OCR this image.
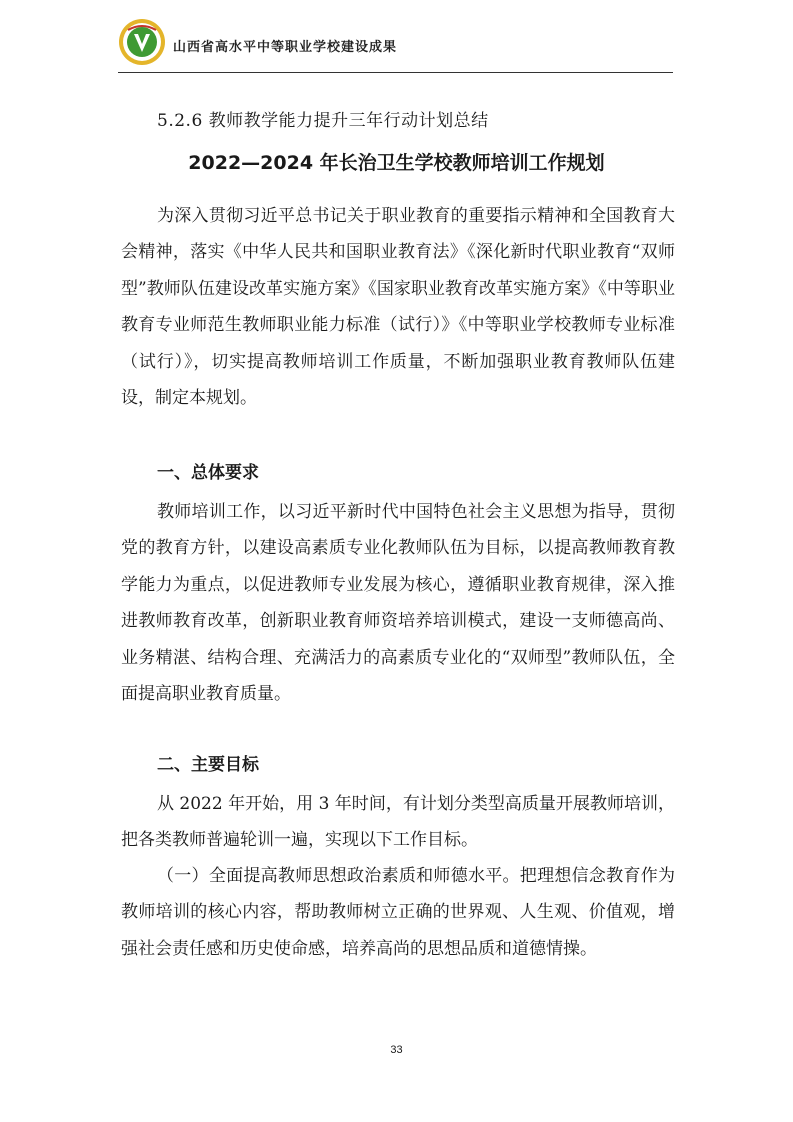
山西省高水平中等职业学校建设成果
5.2.6 教师教学能力提升三年行动计划总结
2022—2024 年长治卫生学校教师培训工作规划

为深入贯彻习近平总书记关于职业教育的重要指示精神和全国教育大会精神，落实《中华人民共和国职业教育法》《深化新时代职业教育“双师型”教师队伍建设改革实施方案》《国家职业教育改革实施方案》《中等职业教育专业师范生教师职业能力标准（试行）》《中等职业学校教师专业标准（试行）》，切实提高教师培训工作质量，不断加强职业教育教师队伍建设，制定本规划。

一、总体要求

教师培训工作，以习近平新时代中国特色社会主义思想为指导，贯彻党的教育方针，以建设高素质专业化教师队伍为目标，以提高教师教育教学能力为重点，以促进教师专业发展为核心，遵循职业教育规律，深入推进教师教育改革，创新职业教育师资培养培训模式，建设一支师德高尚、业务精湛、结构合理、充满活力的高素质专业化的“双师型”教师队伍，全面提高职业教育质量。

二、主要目标

从 2022 年开始，用 3 年时间，有计划分类型高质量开展教师培训，把各类教师普遍轮训一遍，实现以下工作目标。

（一）全面提高教师思想政治素质和师德水平。把理想信念教育作为教师培训的核心内容，帮助教师树立正确的世界观、人生观、价值观，增强社会责任感和历史使命感，培养高尚的思想品质和道德情操。

33
